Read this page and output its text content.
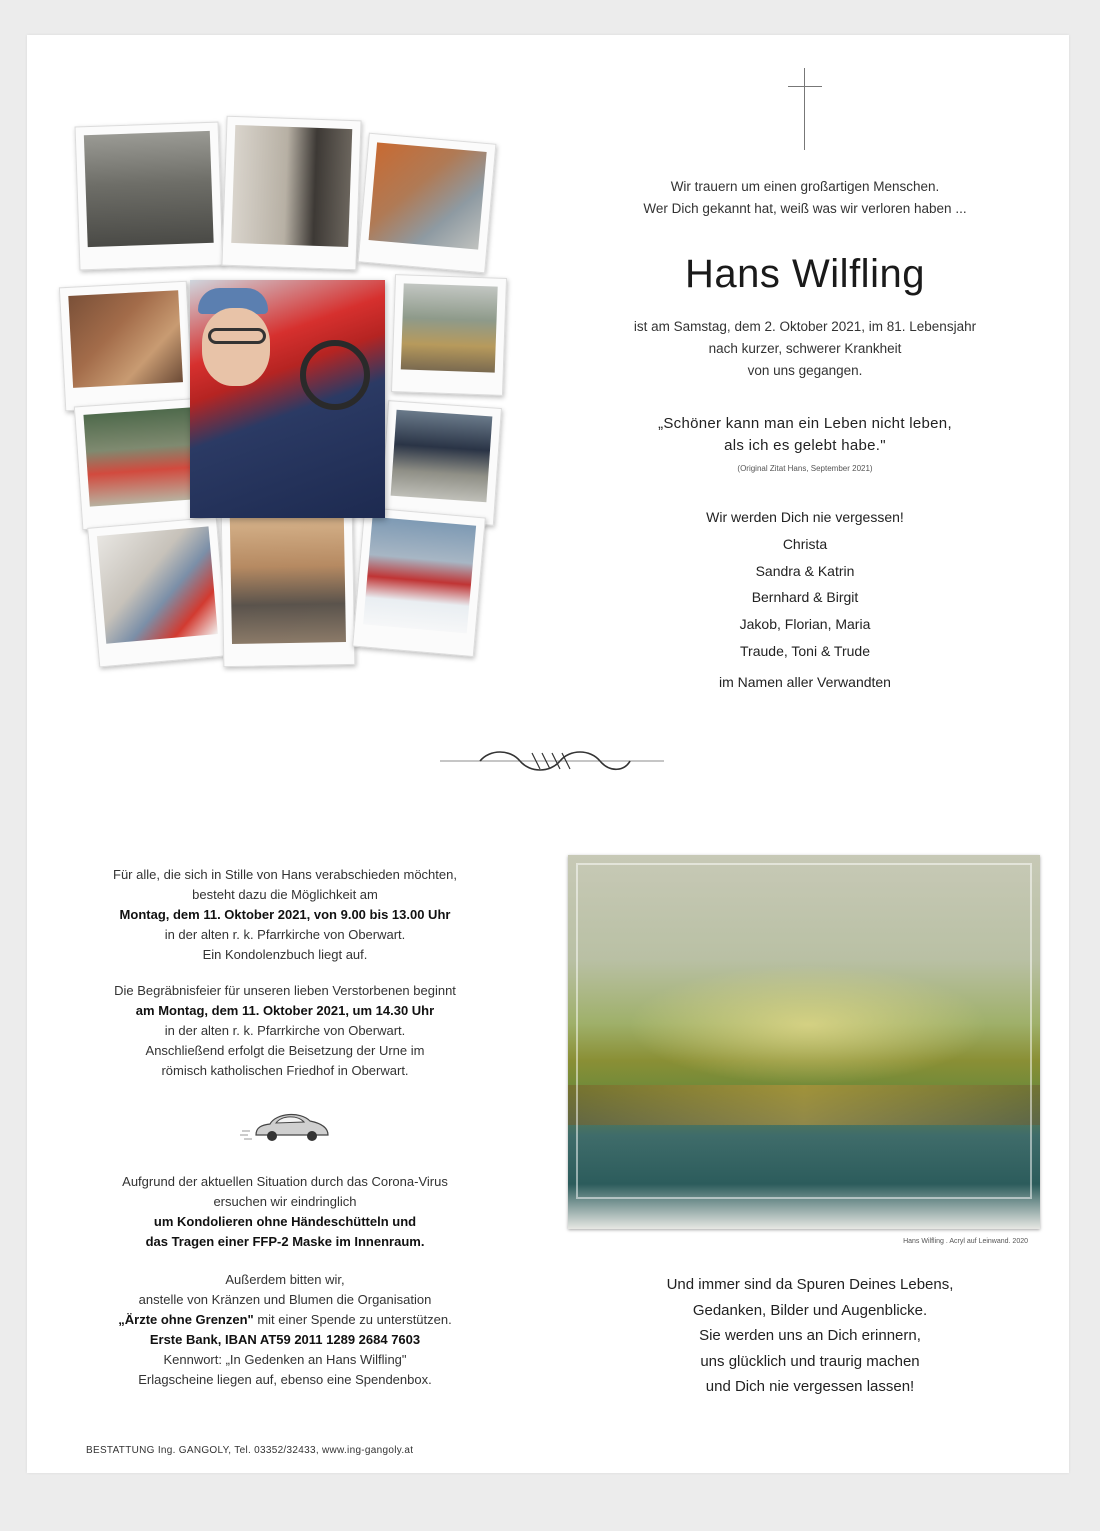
Wir trauern um einen großartigen Menschen.
Wer Dich gekannt hat, weiß was wir verloren haben ...
Hans Wilfling
ist am Samstag, dem 2. Oktober 2021, im 81. Lebensjahr
nach kurzer, schwerer Krankheit
von uns gegangen.
„Schöner kann man ein Leben nicht leben,
als ich es gelebt habe."
(Original Zitat Hans, September 2021)
Wir werden Dich nie vergessen!
Christa
Sandra & Katrin
Bernhard & Birgit
Jakob, Florian, Maria
Traude, Toni & Trude
im Namen aller Verwandten
Für alle, die sich in Stille von Hans verabschieden möchten,
besteht dazu die Möglichkeit am
Montag, dem 11. Oktober 2021, von 9.00 bis 13.00 Uhr
in der alten r. k. Pfarrkirche von Oberwart.
Ein Kondolenzbuch liegt auf.
Die Begräbnisfeier für unseren lieben Verstorbenen beginnt
am Montag, dem 11. Oktober 2021, um 14.30 Uhr
in der alten r. k. Pfarrkirche von Oberwart.
Anschließend erfolgt die Beisetzung der Urne im
römisch katholischen Friedhof in Oberwart.
Aufgrund der aktuellen Situation durch das Corona-Virus
ersuchen wir eindringlich
um Kondolieren ohne Händeschütteln und
das Tragen einer FFP-2 Maske im Innenraum.
Außerdem bitten wir,
anstelle von Kränzen und Blumen die Organisation
„Ärzte ohne Grenzen" mit einer Spende zu unterstützen.
Erste Bank, IBAN AT59 2011 1289 2684 7603
Kennwort: „In Gedenken an Hans Wilfling"
Erlagscheine liegen auf, ebenso eine Spendenbox.
Hans Wilfling . Acryl auf Leinwand. 2020
Und immer sind da Spuren Deines Lebens,
Gedanken, Bilder und Augenblicke.
Sie werden uns an Dich erinnern,
uns glücklich und traurig machen
und Dich nie vergessen lassen!
BESTATTUNG Ing. GANGOLY, Tel. 03352/32433, www.ing-gangoly.at
